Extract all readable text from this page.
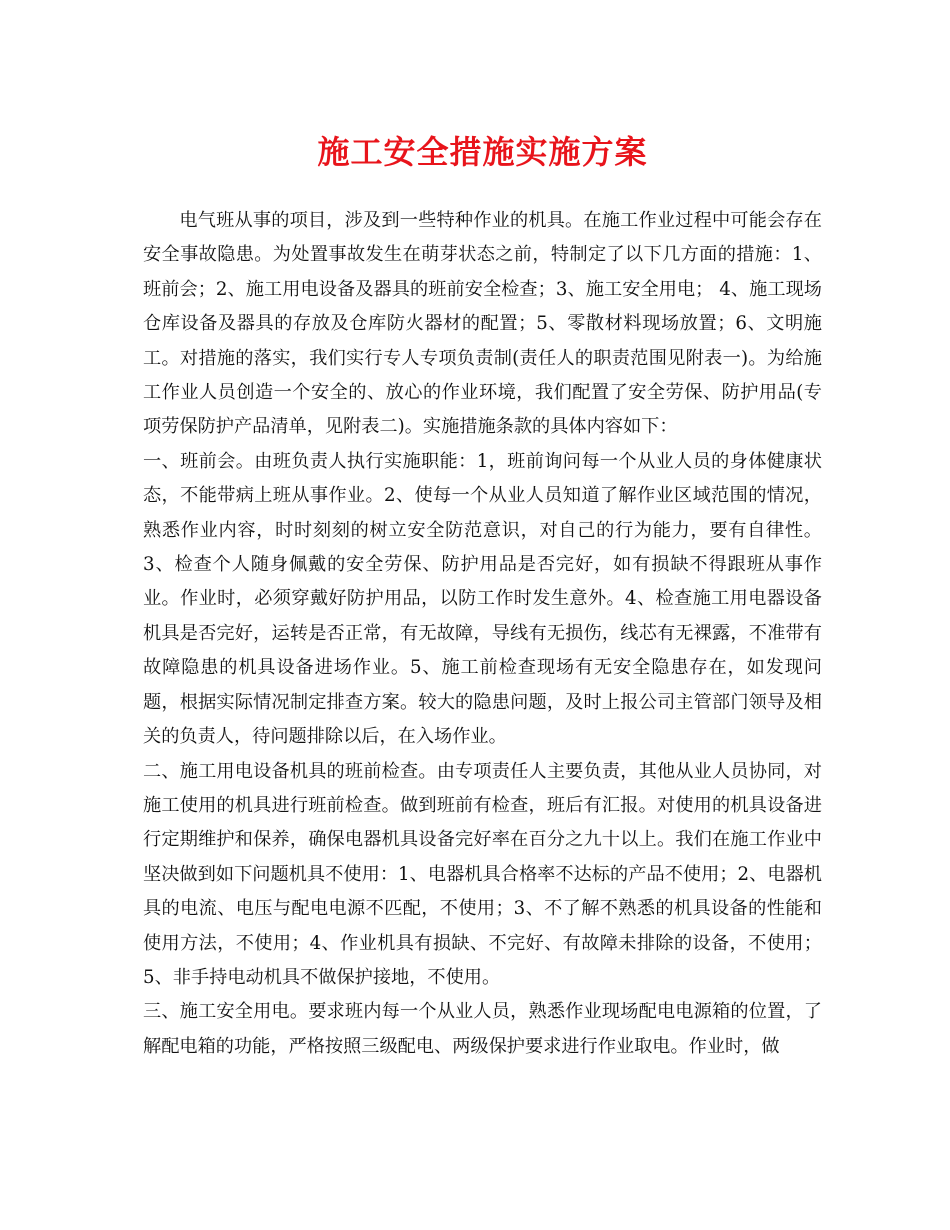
施工安全措施实施方案

电气班从事的项目，涉及到一些特种作业的机具。在施工作业过程中可能会存在安全事故隐患。为处置事故发生在萌芽状态之前，特制定了以下几方面的措施：1、班前会；2、施工用电设备及器具的班前安全检查；3、施工安全用电； 4、施工现场仓库设备及器具的存放及仓库防火器材的配置；5、零散材料现场放置；6、文明施工。对措施的落实，我们实行专人专项负责制(责任人的职责范围见附表一)。为给施工作业人员创造一个安全的、放心的作业环境，我们配置了安全劳保、防护用品(专项劳保防护产品清单，见附表二)。实施措施条款的具体内容如下：

一、班前会。由班负责人执行实施职能：1，班前询问每一个从业人员的身体健康状态，不能带病上班从事作业。2、使每一个从业人员知道了解作业区域范围的情况，熟悉作业内容，时时刻刻的树立安全防范意识，对自己的行为能力，要有自律性。3、检查个人随身佩戴的安全劳保、防护用品是否完好，如有损缺不得跟班从事作业。作业时，必须穿戴好防护用品，以防工作时发生意外。4、检查施工用电器设备机具是否完好，运转是否正常，有无故障，导线有无损伤，线芯有无裸露，不准带有故障隐患的机具设备进场作业。5、施工前检查现场有无安全隐患存在，如发现问题，根据实际情况制定排查方案。较大的隐患问题，及时上报公司主管部门领导及相关的负责人，待问题排除以后，在入场作业。

二、施工用电设备机具的班前检查。由专项责任人主要负责，其他从业人员协同，对施工使用的机具进行班前检查。做到班前有检查，班后有汇报。对使用的机具设备进行定期维护和保养，确保电器机具设备完好率在百分之九十以上。我们在施工作业中坚决做到如下问题机具不使用：1、电器机具合格率不达标的产品不使用；2、电器机具的电流、电压与配电电源不匹配，不使用；3、不了解不熟悉的机具设备的性能和使用方法，不使用；4、作业机具有损缺、不完好、有故障未排除的设备，不使用；5、非手持电动机具不做保护接地，不使用。

三、施工安全用电。要求班内每一个从业人员，熟悉作业现场配电电源箱的位置，了解配电箱的功能，严格按照三级配电、两级保护要求进行作业取电。作业时，做
